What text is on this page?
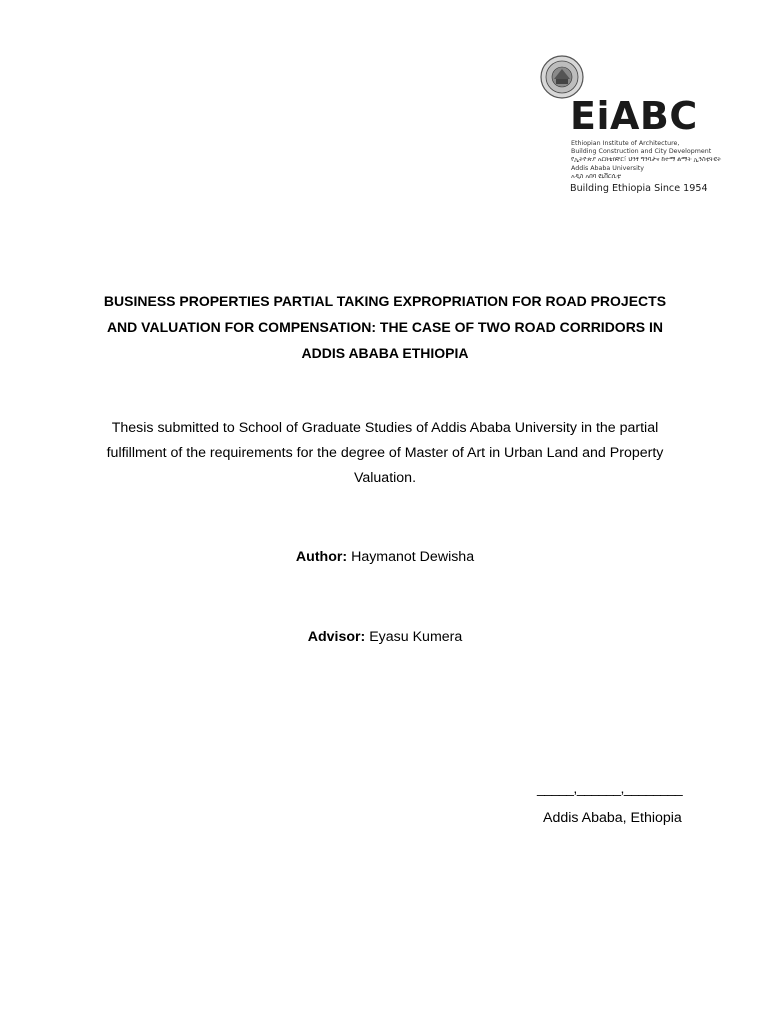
EiABC
Ethiopian Institute of Architecture,
Building Construction and City Development
የኢትዮጵያ አርክቴክቸር፣ ህንፃ ግንባታና ከተማ ልማት ኢንስቲትዩት
Addis Ababa University
አዲስ አበባ ዩኒቨርሲቲ
Building Ethiopia Since 1954
BUSINESS PROPERTIES PARTIAL TAKING EXPROPRIATION FOR ROAD PROJECTS
AND VALUATION FOR COMPENSATION: THE CASE OF TWO ROAD CORRIDORS IN
ADDIS ABABA ETHIOPIA
Thesis submitted to School of Graduate Studies of Addis Ababa University in the partial
fulfillment of the requirements for the degree of Master of Art in Urban Land and Property
Valuation.
Author: Haymanot Dewisha
Advisor: Eyasu Kumera
_____,______,________
Addis Ababa, Ethiopia
